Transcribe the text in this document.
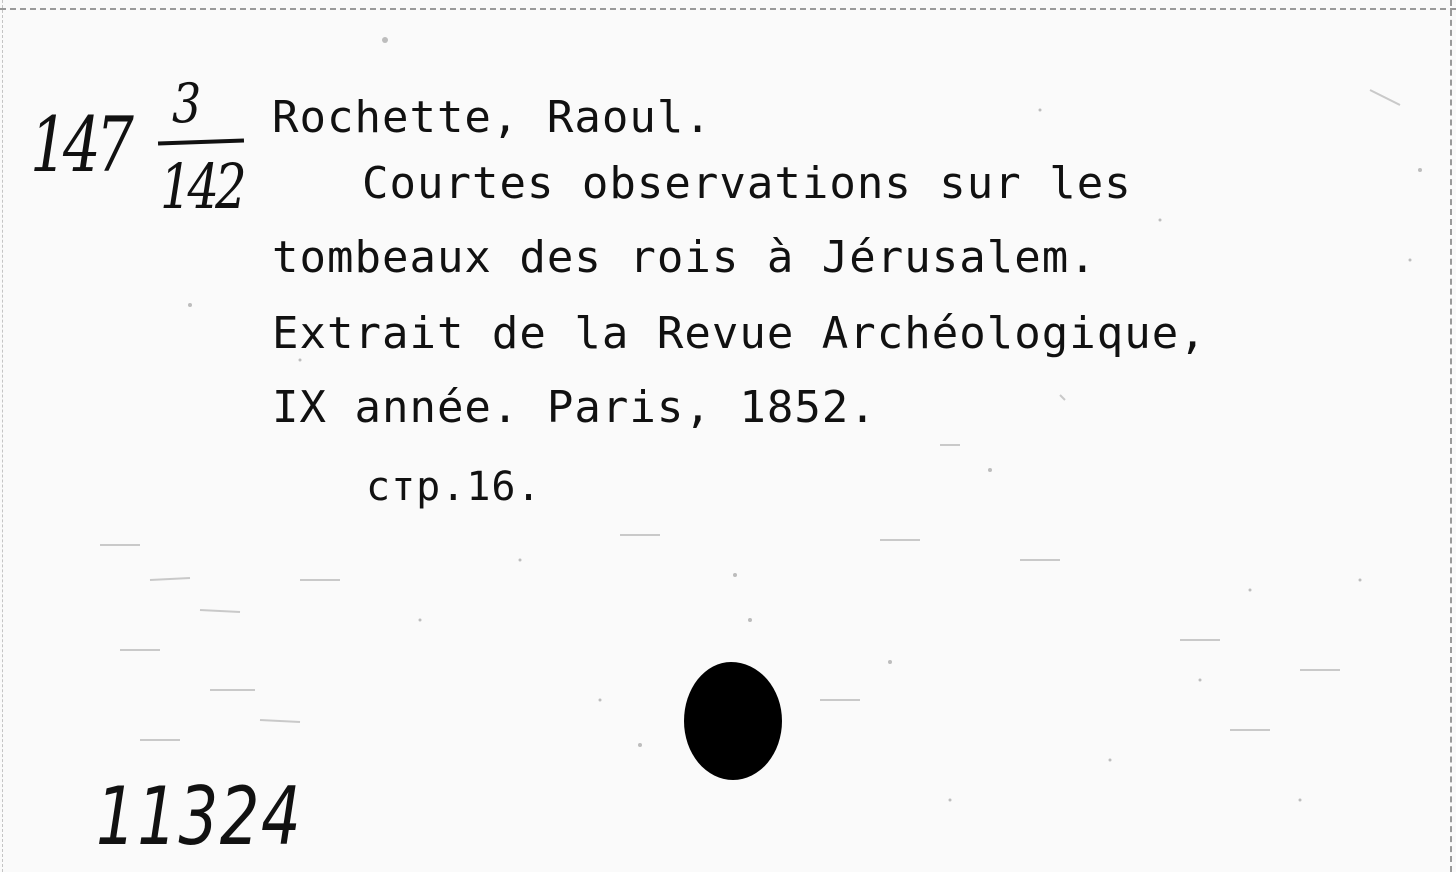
147 3
142
Rochette, Raoul.
Courtes observations sur les
tombeaux des rois à Jérusalem.
Extrait de la Revue Archéologique,
IX année. Paris, 1852.
стр.16.
11324
